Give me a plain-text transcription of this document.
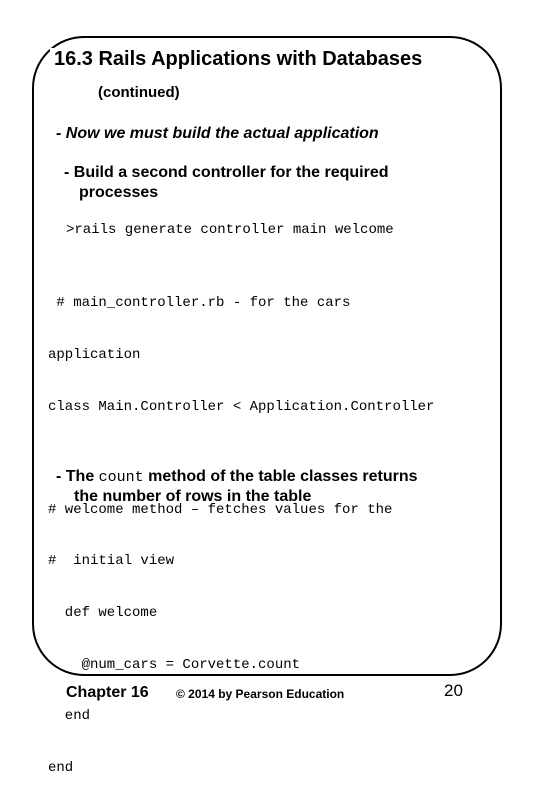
16.3 Rails Applications with Databases
(continued)
- Now we must build the actual application
- Build a second controller for the required
processes
>rails generate controller main welcome

# main_controller.rb - for the cars

application

class Main.Controller < Application.Controller

# welcome method – fetches values for the

#  initial view

def welcome

@num_cars = Corvette.count

end

end

- The count method of the table classes returns
the number of rows in the table
Chapter 16 © 2014 by Pearson Education	20
